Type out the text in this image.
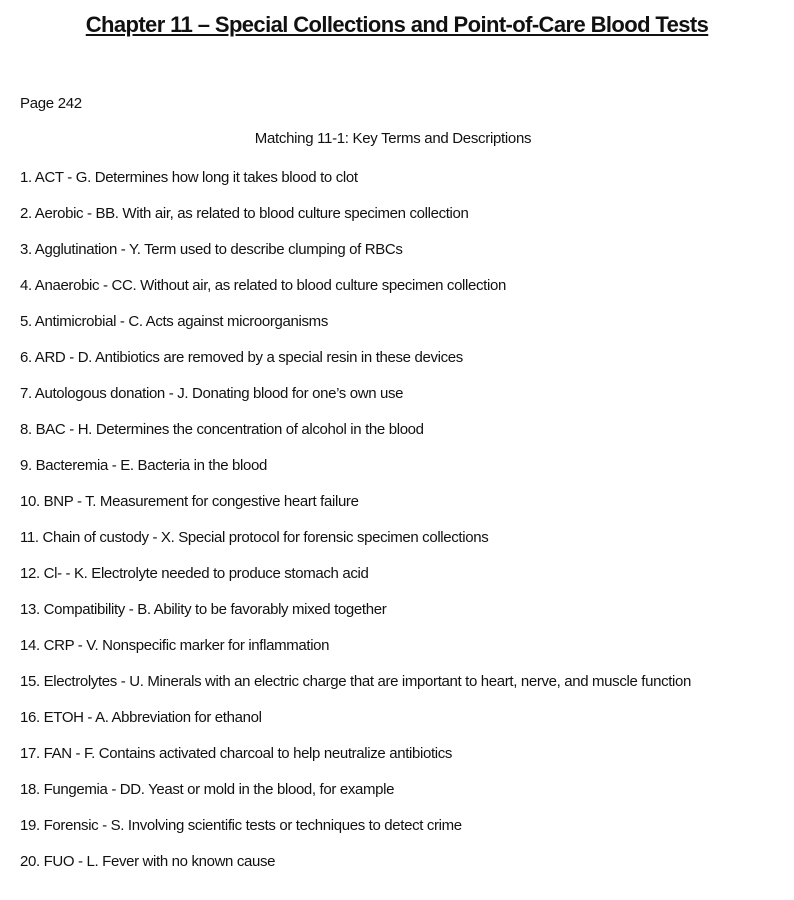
Chapter 11 – Special Collections and Point-of-Care Blood Tests
Page 242
Matching 11-1: Key Terms and Descriptions
1. ACT - G. Determines how long it takes blood to clot
2. Aerobic - BB. With air, as related to blood culture specimen collection
3. Agglutination - Y. Term used to describe clumping of RBCs
4. Anaerobic - CC. Without air, as related to blood culture specimen collection
5. Antimicrobial - C. Acts against microorganisms
6. ARD - D. Antibiotics are removed by a special resin in these devices
7. Autologous donation - J. Donating blood for one’s own use
8. BAC - H. Determines the concentration of alcohol in the blood
9. Bacteremia - E. Bacteria in the blood
10. BNP - T. Measurement for congestive heart failure
11. Chain of custody - X. Special protocol for forensic specimen collections
12. Cl- - K. Electrolyte needed to produce stomach acid
13. Compatibility - B. Ability to be favorably mixed together
14. CRP - V. Nonspecific marker for inflammation
15. Electrolytes - U. Minerals with an electric charge that are important to heart, nerve, and muscle function
16. ETOH - A. Abbreviation for ethanol
17. FAN - F. Contains activated charcoal to help neutralize antibiotics
18. Fungemia - DD. Yeast or mold in the blood, for example
19. Forensic - S. Involving scientific tests or techniques to detect crime
20. FUO - L. Fever with no known cause
